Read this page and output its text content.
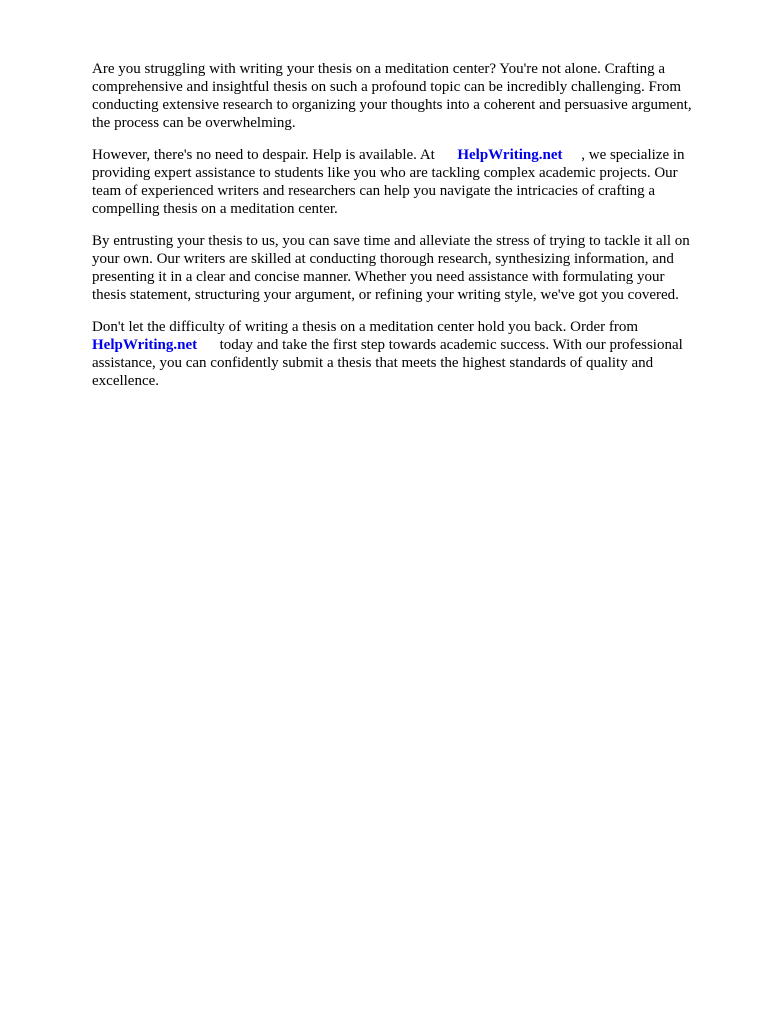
Are you struggling with writing your thesis on a meditation center? You're not alone. Crafting a
comprehensive and insightful thesis on such a profound topic can be incredibly challenging. From
conducting extensive research to organizing your thoughts into a coherent and persuasive argument,
the process can be overwhelming.

However, there's no need to despair. Help is available. At      HelpWriting.net     , we specialize in
providing expert assistance to students like you who are tackling complex academic projects. Our
team of experienced writers and researchers can help you navigate the intricacies of crafting a
compelling thesis on a meditation center.

By entrusting your thesis to us, you can save time and alleviate the stress of trying to tackle it all on
your own. Our writers are skilled at conducting thorough research, synthesizing information, and
presenting it in a clear and concise manner. Whether you need assistance with formulating your
thesis statement, structuring your argument, or refining your writing style, we've got you covered.

Don't let the difficulty of writing a thesis on a meditation center hold you back. Order from
HelpWriting.net      today and take the first step towards academic success. With our professional
assistance, you can confidently submit a thesis that meets the highest standards of quality and
excellence.
